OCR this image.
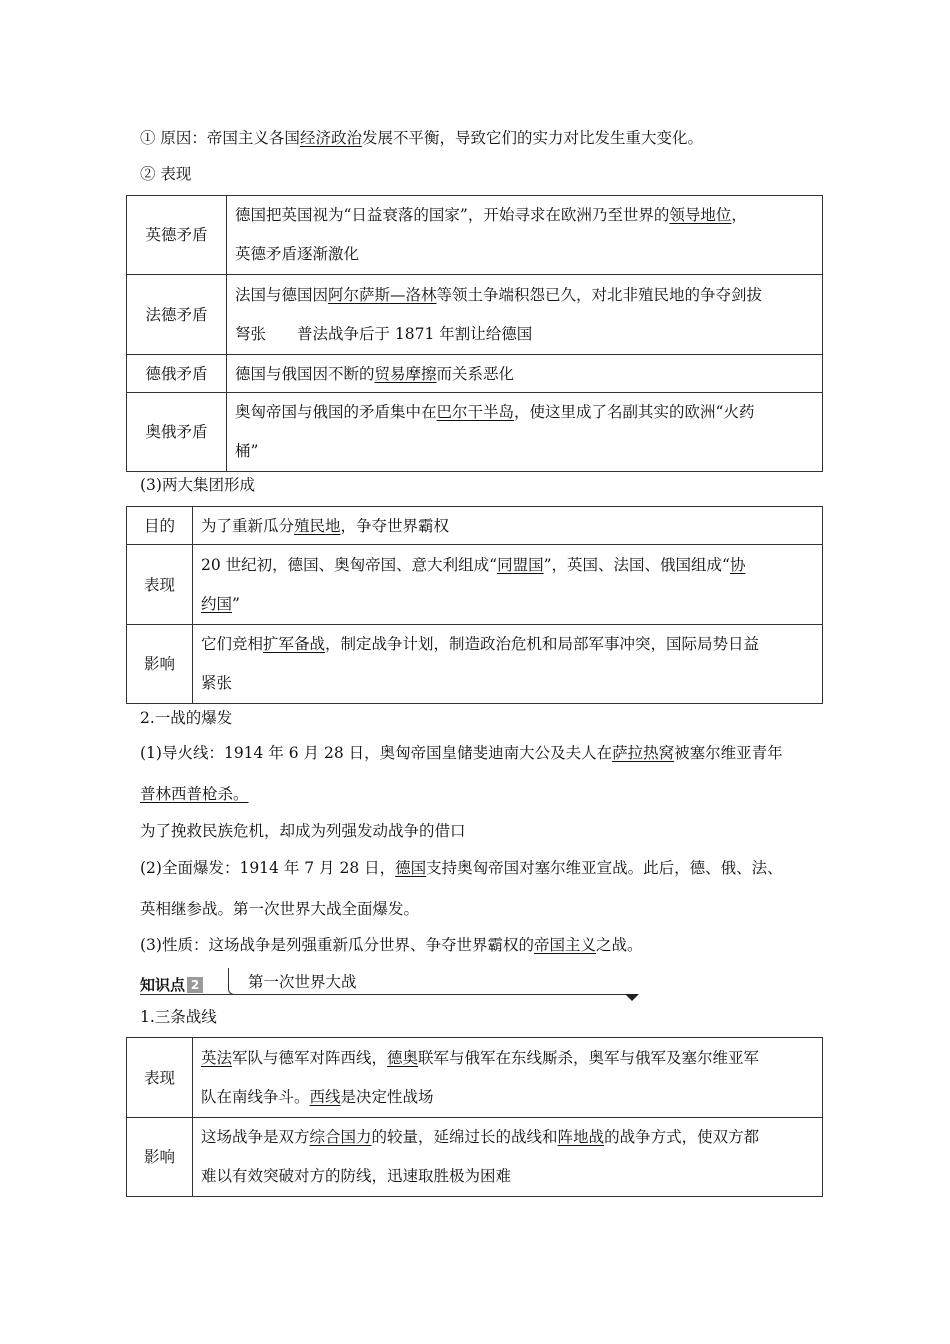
① 原因：帝国主义各国经济政治发展不平衡，导致它们的实力对比发生重大变化。
② 表现
英德矛盾	德国把英国视为“日益衰落的国家”，开始寻求在欧洲乃至世界的领导地位，
英德矛盾逐渐激化
法德矛盾	法国与德国因阿尔萨斯—洛林等领土争端积怨已久，对北非殖民地的争夺剑拔
弩张　　普法战争后于 1871 年割让给德国
德俄矛盾	德国与俄国因不断的贸易摩擦而关系恶化
奥俄矛盾	奥匈帝国与俄国的矛盾集中在巴尔干半岛，使这里成了名副其实的欧洲“火药
桶”
(3)两大集团形成
目的	为了重新瓜分殖民地，争夺世界霸权
表现	20 世纪初，德国、奥匈帝国、意大利组成“同盟国”，英国、法国、俄国组成“协
约国”
影响	它们竞相扩军备战，制定战争计划，制造政治危机和局部军事冲突，国际局势日益
紧张
2.一战的爆发
(1)导火线：1914 年 6 月 28 日，奥匈帝国皇储斐迪南大公及夫人在萨拉热窝被塞尔维亚青年
普林西普枪杀。
为了挽救民族危机，却成为列强发动战争的借口
(2)全面爆发：1914 年 7 月 28 日，德国支持奥匈帝国对塞尔维亚宣战。此后，德、俄、法、
英相继参战。第一次世界大战全面爆发。
(3)性质：这场战争是列强重新瓜分世界、争夺世界霸权的帝国主义之战。
知识点 2	第一次世界大战
1.三条战线
表现	英法军队与德军对阵西线，德奥联军与俄军在东线厮杀，奥军与俄军及塞尔维亚军
队在南线争斗。西线是决定性战场
影响	这场战争是双方综合国力的较量，延绵过长的战线和阵地战的战争方式，使双方都
难以有效突破对方的防线，迅速取胜极为困难
